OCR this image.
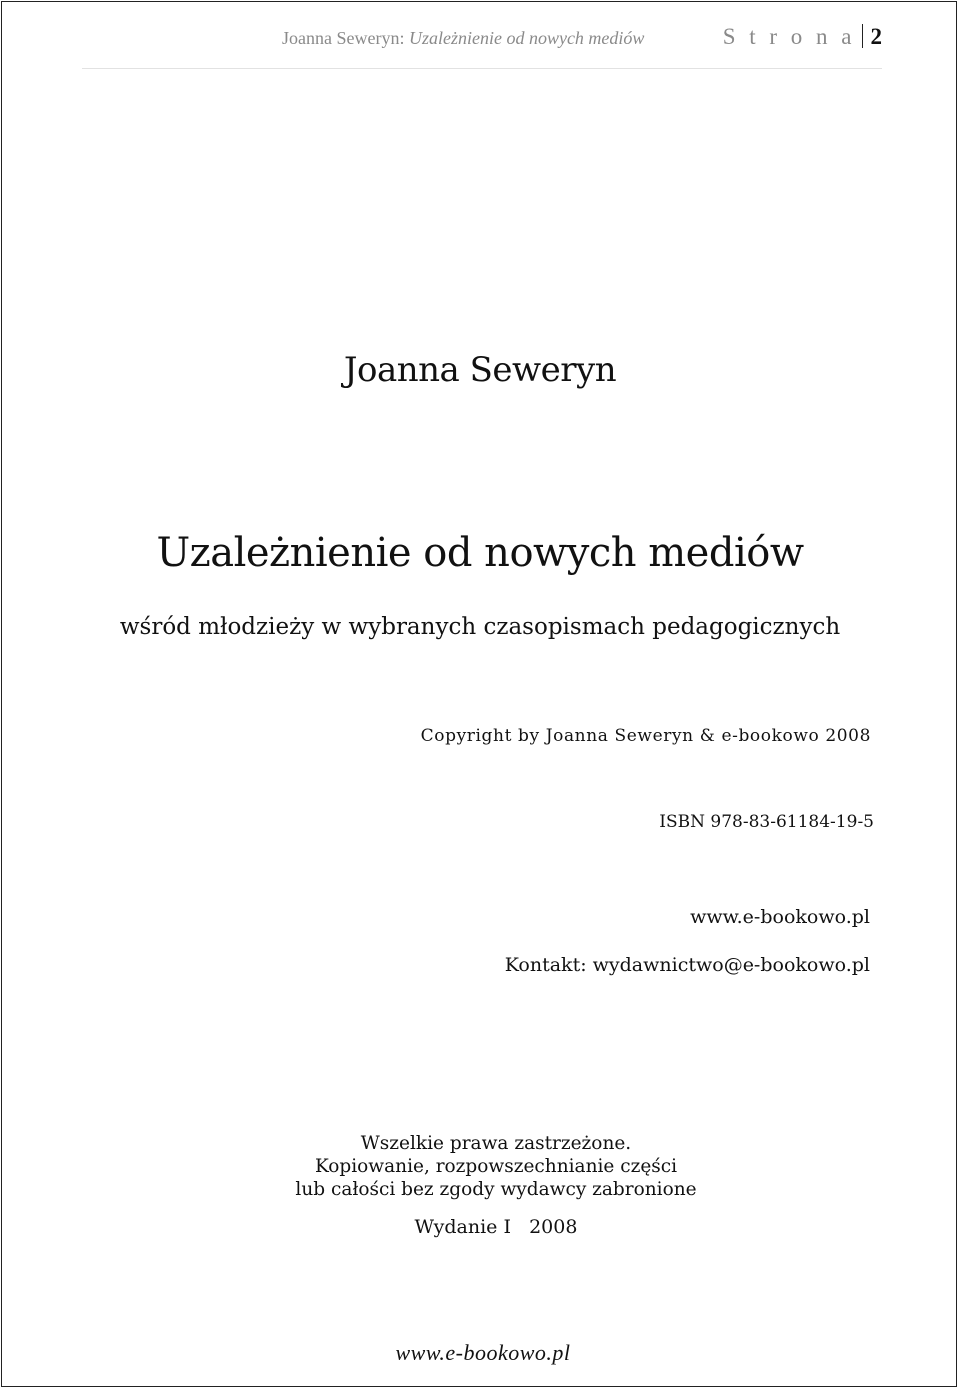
Joanna Seweryn: Uzależnienie od nowych mediów	S t r o n a 2
Joanna Seweryn
Uzależnienie od nowych mediów
wśród młodzieży w wybranych czasopismach pedagogicznych
Copyright by Joanna Seweryn & e-bookowo 2008
ISBN 978-83-61184-19-5
www.e-bookowo.pl
Kontakt: wydawnictwo@e-bookowo.pl
Wszelkie prawa zastrzeżone.
Kopiowanie, rozpowszechnianie części
lub całości bez zgody wydawcy zabronione
Wydanie I   2008
www.e-bookowo.pl
